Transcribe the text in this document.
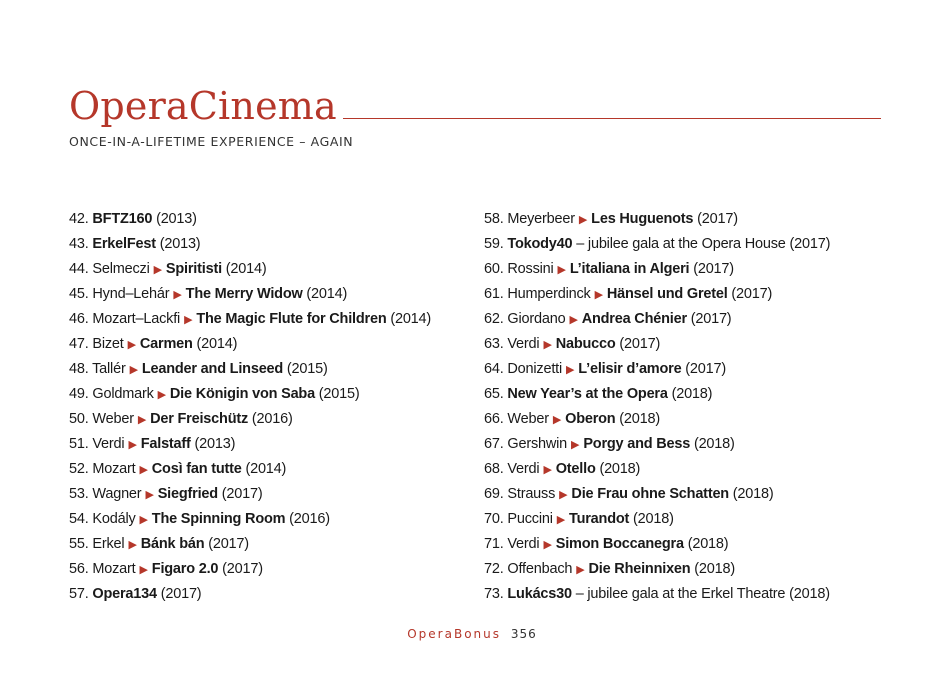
OperaCinema
ONCE-IN-A-LIFETIME EXPERIENCE – AGAIN
42. BFTZ160 (2013)
43. ErkelFest (2013)
44. Selmeczi ▶ Spiritisti (2014)
45. Hynd–Lehár ▶ The Merry Widow (2014)
46. Mozart–Lackfi ▶ The Magic Flute for Children (2014)
47. Bizet ▶ Carmen (2014)
48. Tallér ▶ Leander and Linseed (2015)
49. Goldmark ▶ Die Königin von Saba (2015)
50. Weber ▶ Der Freischütz (2016)
51. Verdi ▶ Falstaff (2013)
52. Mozart ▶ Così fan tutte (2014)
53. Wagner ▶ Siegfried (2017)
54. Kodály ▶ The Spinning Room (2016)
55. Erkel ▶ Bánk bán (2017)
56. Mozart ▶ Figaro 2.0 (2017)
57. Opera134 (2017)
58. Meyerbeer ▶ Les Huguenots (2017)
59. Tokody40 – jubilee gala at the Opera House (2017)
60. Rossini ▶ L’italiana in Algeri (2017)
61. Humperdinck ▶ Hänsel und Gretel (2017)
62. Giordano ▶ Andrea Chénier (2017)
63. Verdi ▶ Nabucco (2017)
64. Donizetti ▶ L’elisir d’amore (2017)
65. New Year’s at the Opera (2018)
66. Weber ▶ Oberon (2018)
67. Gershwin ▶ Porgy and Bess (2018)
68. Verdi ▶ Otello (2018)
69. Strauss ▶ Die Frau ohne Schatten (2018)
70. Puccini ▶ Turandot (2018)
71. Verdi ▶ Simon Boccanegra (2018)
72. Offenbach ▶ Die Rheinnixen (2018)
73. Lukács30 – jubilee gala at the Erkel Theatre (2018)
OperaBonus 356
